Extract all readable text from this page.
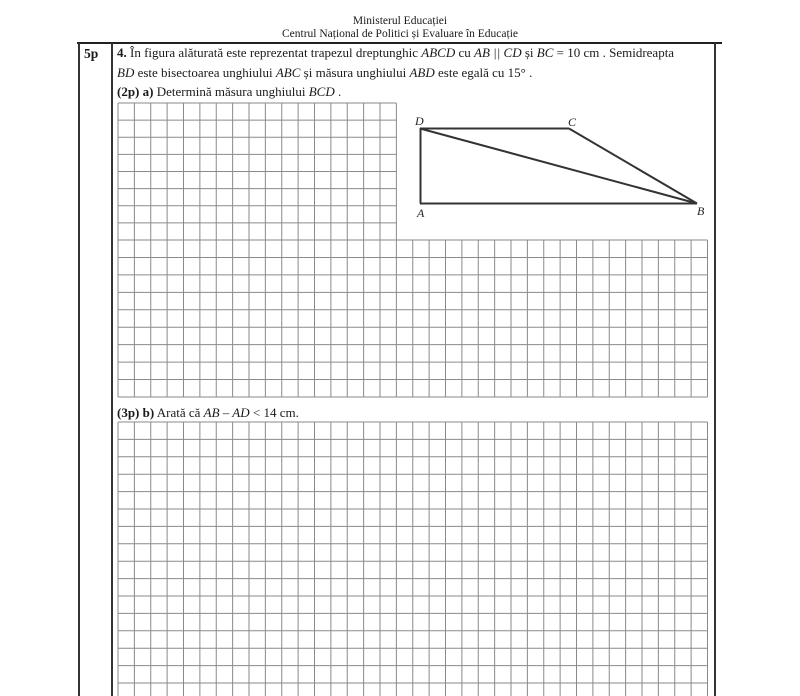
Ministerul Educației
Centrul Național de Politici și Evaluare în Educație
5p 4. În figura alăturată este reprezentat trapezul dreptunghic ABCD cu AB || CD și BC = 10 cm . Semidreapta
BD este bisectoarea unghiului ABC și măsura unghiului ABD este egală cu 15° .
(2p) a) Determină măsura unghiului BCD .
(3p) b) Arată că AB – AD < 14 cm.
D	C
A	B
